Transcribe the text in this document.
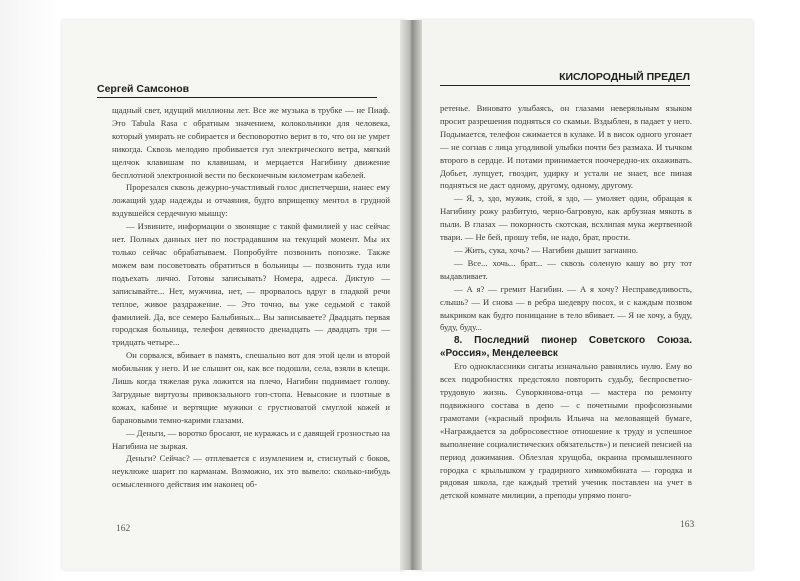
Сергей Самсонов
КИСЛОРОДНЫЙ ПРЕДЕЛ

щадный свет, идущий миллионы лет. Все же музыка в трубке — не Пиаф. Это Tabula Rasa с обратным значением, колокольчики для человека, который умирать не собирается и бесповоротно верит в то, что он не умрет никогда. Сквозь мелодию пробивается гул электрического ветра, мягкий щелчок клавишам по клавишам, и мерцается Нагибину движение бесплотной электронной вести по бесконечным километрам кабелей.

Прорезался сквозь дежурно-участливый голос диспетчерши, нанес ему ложащий удар надежды и отчаяния, будто вприщепку ментол в грудной вздувшейся сердечную мышцу:

— Извините, информации о звонящие с такой фамилией у нас сейчас нет. Полных данных нет по пострадавшим на текущий момент. Мы их только сейчас обрабатываем. Попробуйте позвонить попозже. Также можем вам посоветовать обратиться в больницы — позвонить туда или подъехать лично. Готовы записывать? Номера, адреса. Диктую — записывайте... Нет, мужчина, нет, — прорвалось вдруг в гладкой речи теплое, живое раздражение. — Это точно, вы уже седьмой с такой фамилией. Да, все семеро Балыбиных... Вы записываете? Двадцать первая городская больница, телефон девяносто двенадцать — двадцать три — тридцать четыре...

Он сорвался, вбивает в память, спешально вот для этой цели и второй мобильник у него. И не слышит он, как все подошли, села, взяли в клещи. Лишь когда тяжелая рука ложится на плечо, Нагибин поднимает голову. Загрудные виртуозы привокзального гоп-стопа. Невысокие и плотные в кожах, кабине и вертящие мужики с грустноватой смуглой кожей и барановыми темно-карими глазами.

— Деньги, — воротко бросают, не куражась и с давящей грозностью на Нагибина не зыркая.

Деньги? Сейчас? — отплевается с изумлением и, стиснутый с боков, неуклюже шарит по карманам. Возможно, их это вывело: сколько-нибудь осмысленного действия им наконец об-

ретенье. Виновато улыбаясь, он глазами неверяльным языком просит разрешения подняться со скамьи. Вздыблен, в падает у него. Подымается, телефон сжимается в кулаке. И в висок одного угонает — не согнав с лица угодливой улыбки почти без размаха. И тычком второго в сердце. И потами принимается поочередно-их охаживать. Добьет, лупцует, гвоздит, удирку и устали не знает, все пиная подняться не даст одному, другому, одному, другому.

— Я, э, здо, мужик, стой, я здо, — умоляет один, обращая к Нагибину рожу разбитую, черно-багровую, как арбузная мякоть в пыли. В глазах — покорность скотская, всхлипая мука жертвенной твари. — Не бей, прошу тебя, не надо, брат, прости.

— Жить, сука, хочь? — Нагибин дышит загнанно.

— Все... хочь... брат... — сквозь соленую кашу во рту тот выдавливает.

— А я? — гремит Нагибин. — А я хочу? Несправедливость, слышь? — И снова — в ребра шедевру посох, и с каждым позвом выкриком как будто понищание в тело вбивает. — Я не хочу, а буду, буду, буду...

8. Последний пионер Советского Союза. «Россия», Менделеевск

Его одноклассники сигаты изначально равнялись нулю. Ему во всех подробностях предстояло повторить судьбу, беспросветно-трудовую жизнь. Суворкинова-отца — мастера по ремонту подвижного состава в депо — с почетными профсоюзными грамотами («красный профиль Ильича на меловаящей бумаге, «Награждается за добросовестное отношение к труду и успешное выполнение социалистических обязательств») и пенсией пенсией на период дожимания. Облезлая хрущоба, окраина промышленного городка с крылышком у градирного химкомбината — городка и рядовая школа, где каждый третий ученик поставлен на учет в детской комнате милиции, а преподы упрямо понго-

162	163
